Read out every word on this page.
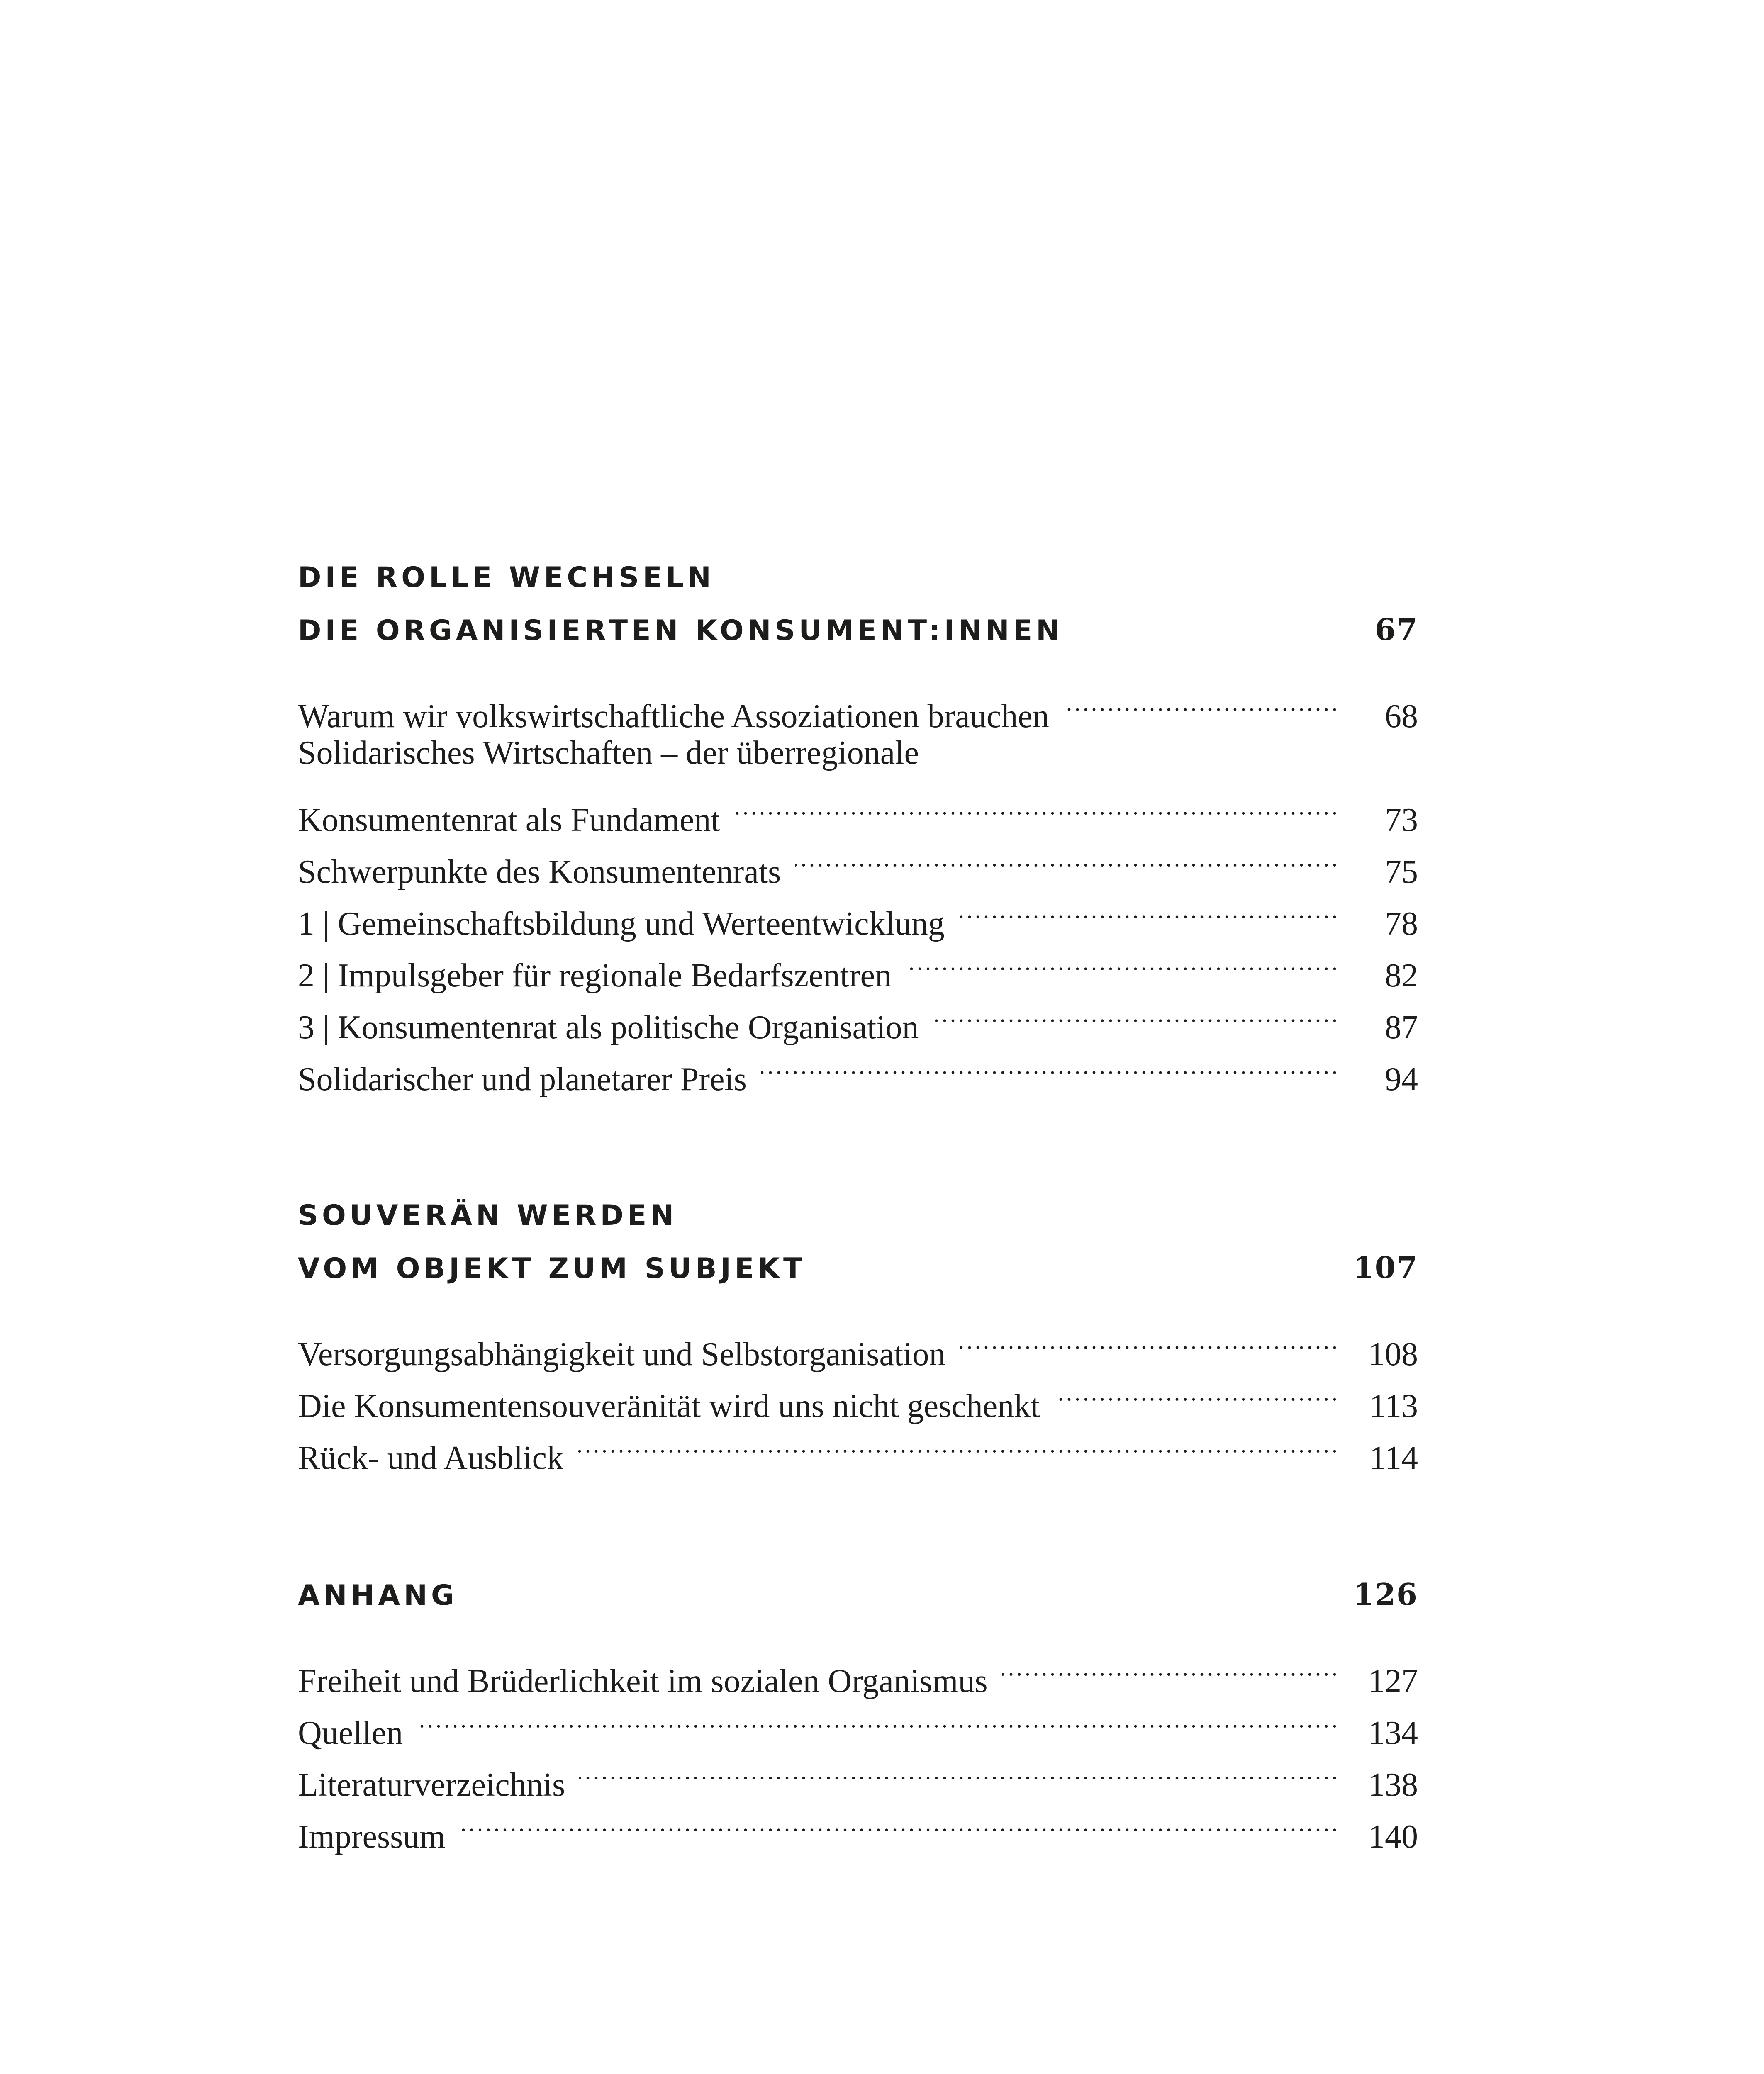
DIE ROLLE WECHSELN
DIE ORGANISIERTEN KONSUMENT:INNEN	67
Warum wir volkswirtschaftliche Assoziationen brauchen .....	68
Solidarisches Wirtschaften – der überregionale
Konsumentenrat als Fundament .....	73
Schwerpunkte des Konsumentenrats .....	75
1 | Gemeinschaftsbildung und Werteentwicklung .....	78
2 | Impulsgeber für regionale Bedarfszentren .....	82
3 | Konsumentenrat als politische Organisation .....	87
Solidarischer und planetarer Preis .....	94
SOUVERÄN WERDEN
VOM OBJEKT ZUM SUBJEKT	107
Versorgungsabhängigkeit und Selbstorganisation .....	108
Die Konsumentensouveränität wird uns nicht geschenkt .....	113
Rück- und Ausblick .....	114
ANHANG	126
Freiheit und Brüderlichkeit im sozialen Organismus .....	127
Quellen .....	134
Literaturverzeichnis .....	138
Impressum .....	140
